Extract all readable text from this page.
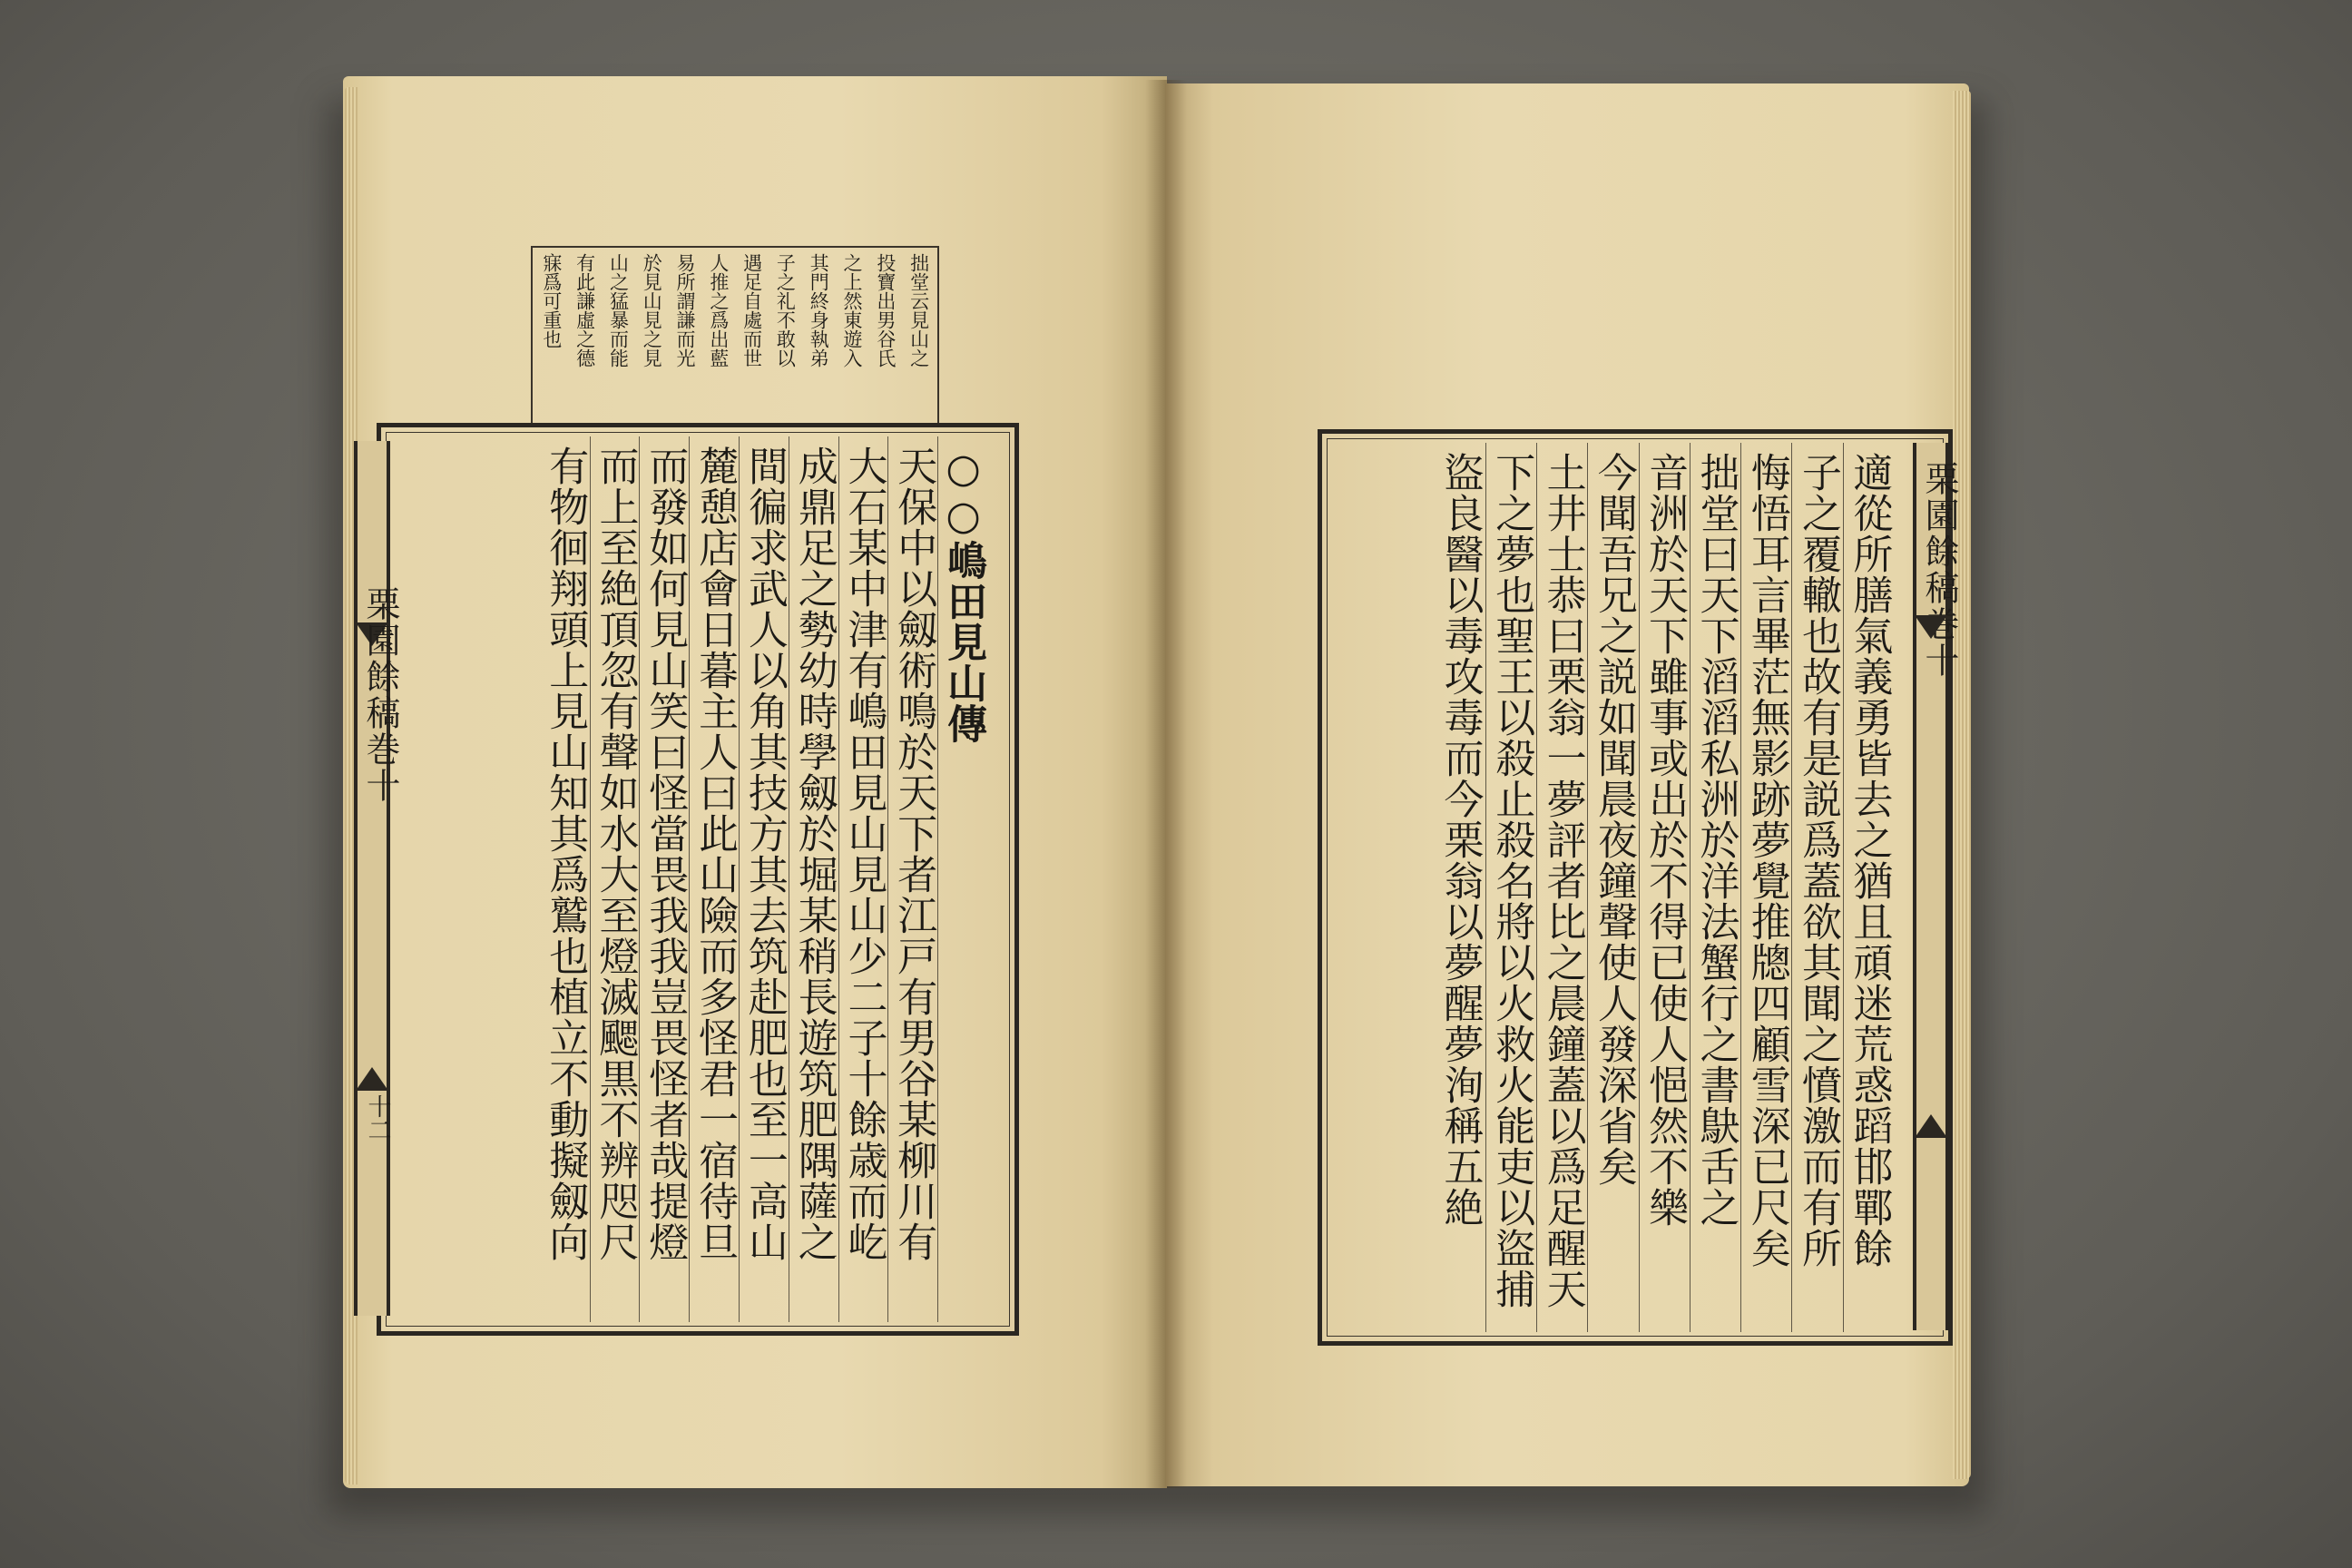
拙堂云見山之
投寶出男谷氏
之上然東遊入
其門終身執弟
子之礼不敢以
遇足自處而世
人推之爲出藍
易所謂謙而光
於見山見之見
山之猛暴而能
有此謙虛之德
寐爲可重也
○○嶋田見山傳
天保中以劔術鳴於天下者江戸有男谷某柳川有
大石某中津有嶋田見山見山少二子十餘歳而屹
成鼎足之勢幼時學劔於堀某稍長遊筑肥隅薩之
間徧求武人以角其技方其去筑赴肥也至一高山
麓憩店會日暮主人曰此山險而多怪君一宿待旦
而發如何見山笑曰怪當畏我我豈畏怪者哉提燈
而上至絶頂忽有聲如水大至燈滅颸黒不辨咫尺
有物徊翔頭上見山知其爲鷲也植立不動擬劔向
栗園餘稿巻十
十二	適從所膳氣義勇皆去之猶且頑迷荒惑蹈邯鄲餘
子之覆轍也故有是説爲蓋欲其聞之憤激而有所
悔悟耳言畢茫無影跡夢覺推牕四顧雪深已尺矣
拙堂曰天下滔滔私洲於洋法蟹行之書鴃舌之
音洲於天下雖事或出於不得已使人悒然不樂
今聞吾兄之説如聞晨夜鐘聲使人發深省矣
土井士恭曰栗翁一夢評者比之晨鐘蓋以爲足醒天
下之夢也聖王以殺止殺名將以火救火能吏以盜捕
盜良醫以毒攻毒而今栗翁以夢醒夢洵稱五絶	栗園餘稿巻十
